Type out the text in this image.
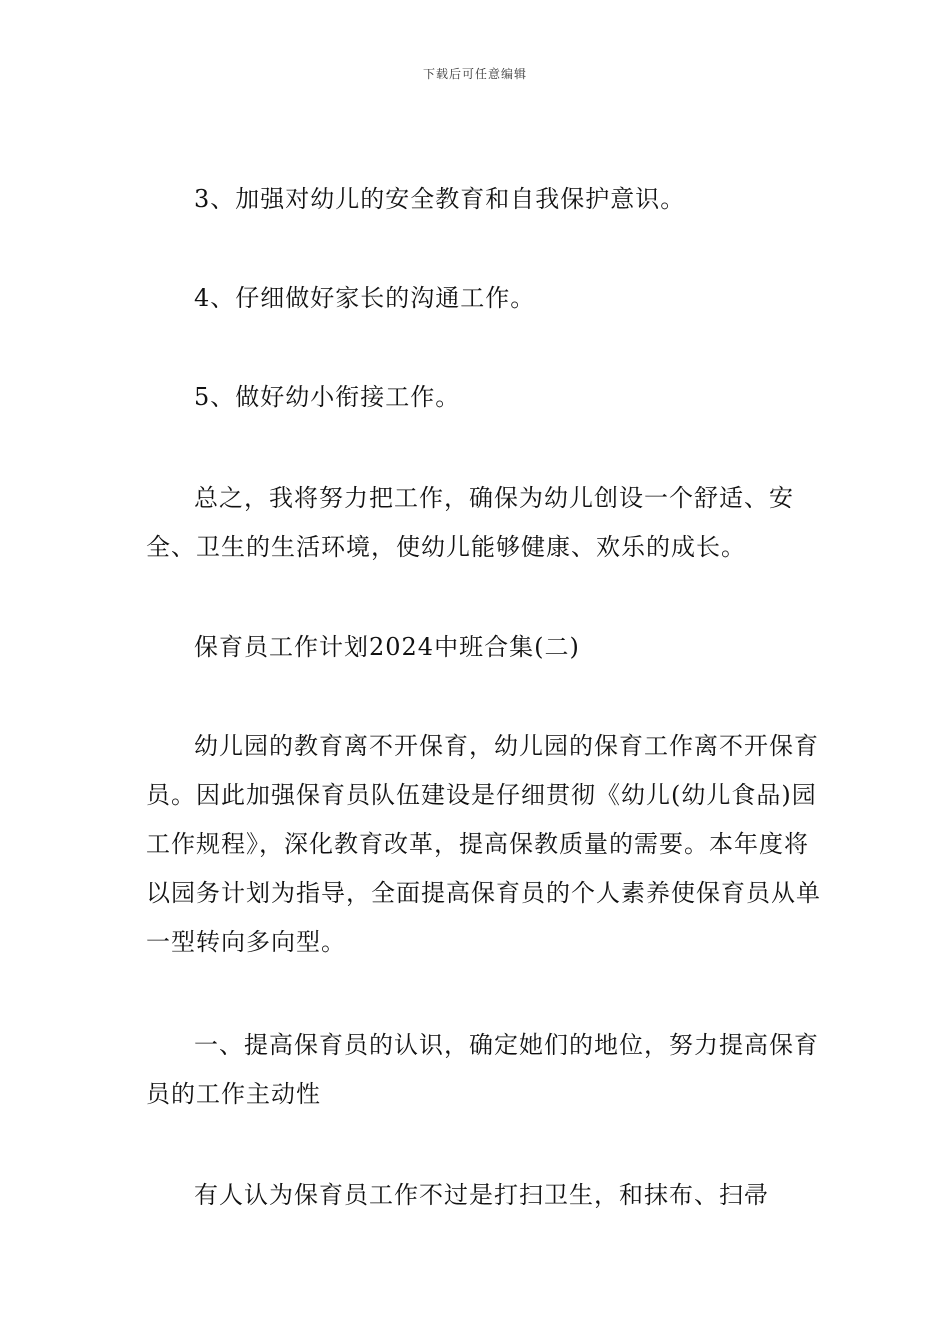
下载后可任意编辑

3、加强对幼儿的安全教育和自我保护意识。

4、仔细做好家长的沟通工作。

5、做好幼小衔接工作。

总之，我将努力把工作，确保为幼儿创设一个舒适、安全、卫生的生活环境，使幼儿能够健康、欢乐的成长。

保育员工作计划2024中班合集(二)

幼儿园的教育离不开保育，幼儿园的保育工作离不开保育员。因此加强保育员队伍建设是仔细贯彻《幼儿(幼儿食品)园工作规程》，深化教育改革，提高保教质量的需要。本年度将以园务计划为指导，全面提高保育员的个人素养使保育员从单一型转向多向型。

一、提高保育员的认识，确定她们的地位，努力提高保育员的工作主动性

有人认为保育员工作不过是打扫卫生，和抹布、扫帚
